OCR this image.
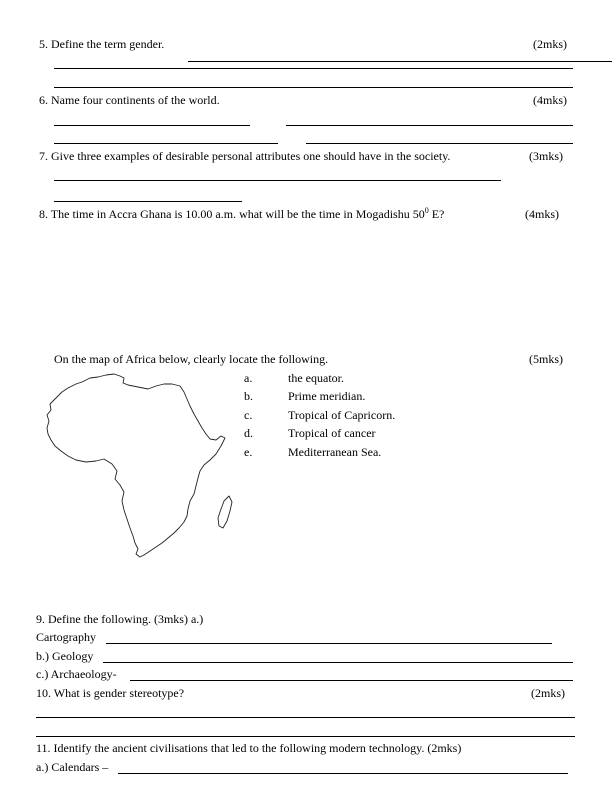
5. Define the term gender.	(2mks)
6. Name four continents of the world.	(4mks)
7. Give three examples of desirable personal attributes one should have in the society.	(3mks)
8. The time in Accra Ghana is 10.00 a.m. what will be the time in Mogadishu $50^0$ E?	(4mks)
On the map of Africa below, clearly locate the following.	(5mks)
a.	the equator.
b.	Prime meridian.
c.	Tropical of Capricorn.
d.	Tropical of cancer
e.	Mediterranean Sea.
9. Define the following. (3mks) a.)
Cartography
b.) Geology
c.) Archaeology-
10. What is gender stereotype?	(2mks)
11. Identify the ancient civilisations that led to the following modern technology. (2mks)
a.) Calendars –
